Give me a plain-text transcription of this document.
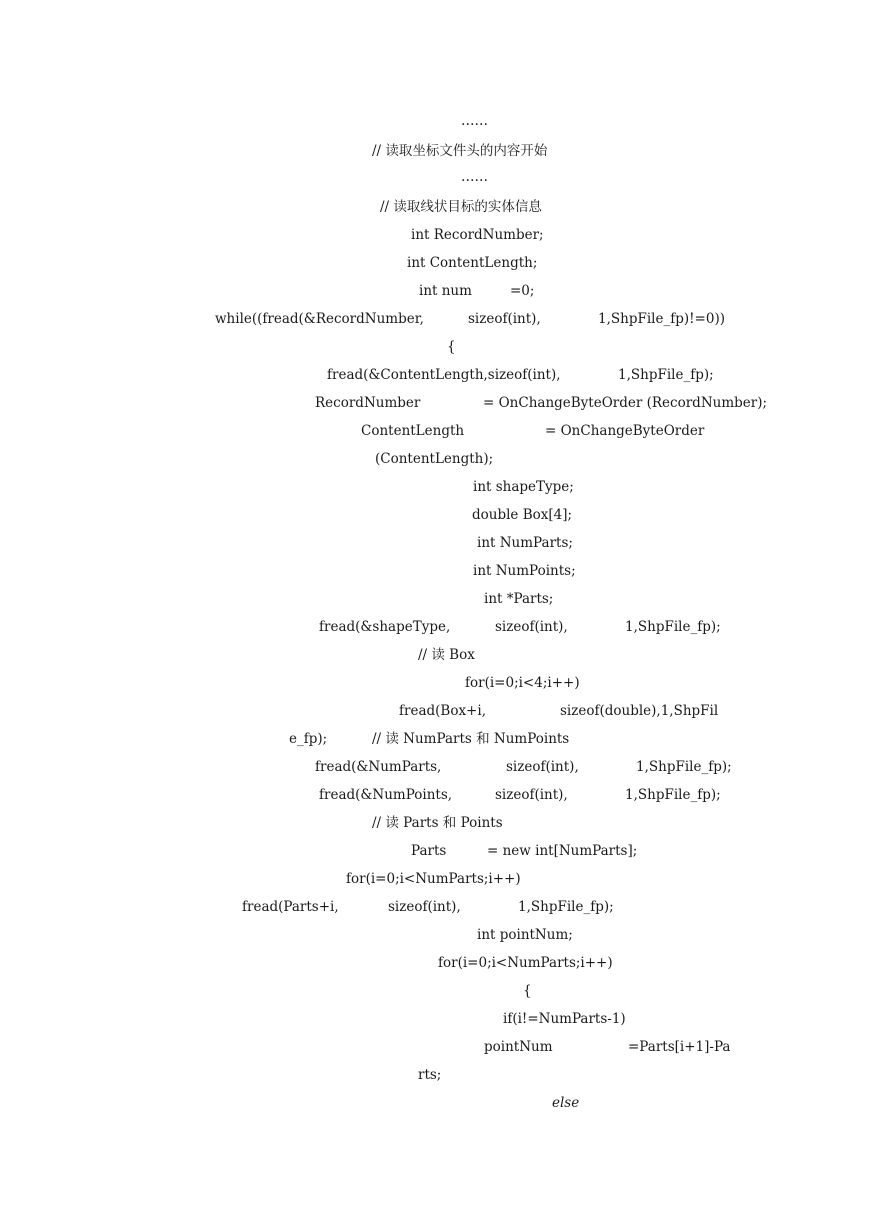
……
// 读取坐标文件头的内容开始
……
// 读取线状目标的实体信息
int RecordNumber;
int ContentLength;

int num

	=0;

while((fread(&RecordNumber,

	sizeof(int),

	1,ShpFile_fp)!=0))

{

fread(&ContentLength,sizeof(int),

	1,ShpFile_fp);

RecordNumber

	= OnChangeByteOrder (RecordNumber);

ContentLength

	= OnChangeByteOrder

(ContentLength);
int shapeType;
double Box[4];
int NumParts;
int NumPoints;
int *Parts;

fread(&shapeType,

	sizeof(int),

	1,ShpFile_fp);

// 读 Box
for(i=0;i<4;i++)

fread(Box+i,

	sizeof(double),1,ShpFil

e_fp);

	// 读 NumParts 和 NumPoints

fread(&NumParts,

	sizeof(int),

	1,ShpFile_fp);

fread(&NumPoints,

	sizeof(int),

	1,ShpFile_fp);

// 读 Parts 和 Points

Parts

	= new int[NumParts];

for(i=0;i<NumParts;i++)

fread(Parts+i,

	sizeof(int),

	1,ShpFile_fp);

int pointNum;
for(i=0;i<NumParts;i++)
{
if(i!=NumParts-1)

pointNum

	=Parts[i+1]-Pa

rts;
else
